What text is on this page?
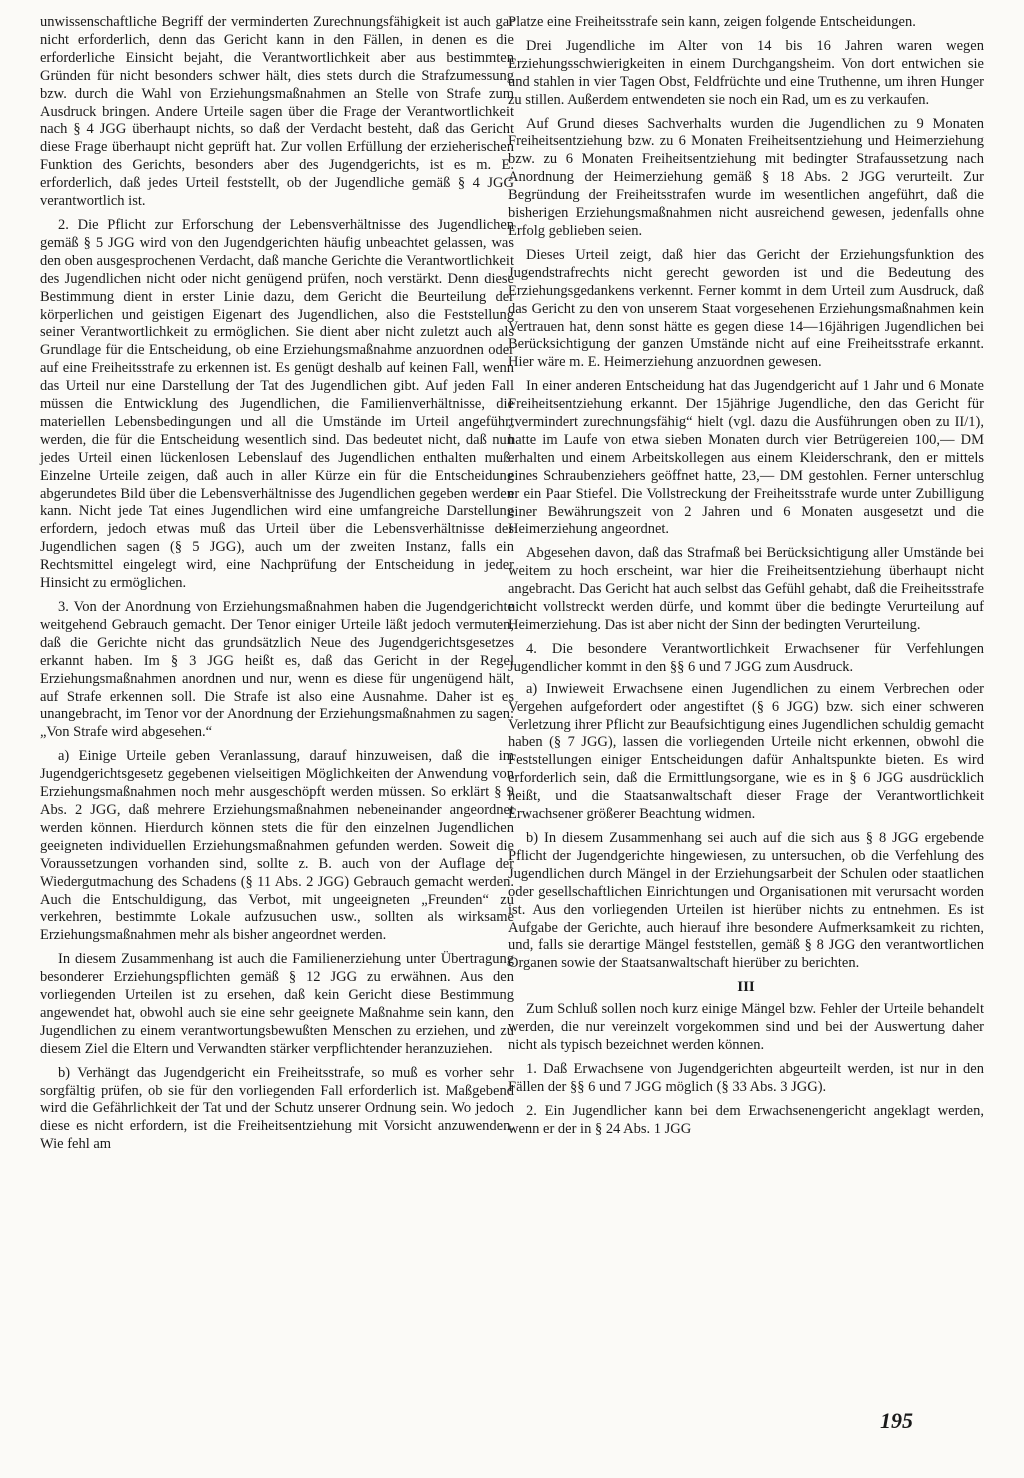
unwissenschaftliche Begriff der verminderten Zurechnungsfähigkeit ist auch gar nicht erforderlich, denn das Gericht kann in den Fällen, in denen es die erforderliche Einsicht bejaht, die Verantwortlichkeit aber aus bestimmten Gründen für nicht besonders schwer hält, dies stets durch die Strafzumessung bzw. durch die Wahl von Erziehungsmaßnahmen an Stelle von Strafe zum Ausdruck bringen. Andere Urteile sagen über die Frage der Verantwortlichkeit nach § 4 JGG überhaupt nichts, so daß der Verdacht besteht, daß das Gericht diese Frage überhaupt nicht geprüft hat. Zur vollen Erfüllung der erzieherischen Funktion des Gerichts, besonders aber des Jugendgerichts, ist es m. E. erforderlich, daß jedes Urteil feststellt, ob der Jugendliche gemäß § 4 JGG verantwortlich ist.

2. Die Pflicht zur Erforschung der Lebensverhältnisse des Jugendlichen gemäß § 5 JGG wird von den Jugendgerichten häufig unbeachtet gelassen, was den oben ausgesprochenen Verdacht, daß manche Gerichte die Verantwortlichkeit des Jugendlichen nicht oder nicht genügend prüfen, noch verstärkt. Denn diese Bestimmung dient in erster Linie dazu, dem Gericht die Beurteilung der körperlichen und geistigen Eigenart des Jugendlichen, also die Feststellung seiner Verantwortlichkeit zu ermöglichen. Sie dient aber nicht zuletzt auch als Grundlage für die Entscheidung, ob eine Erziehungsmaßnahme anzuordnen oder auf eine Freiheitsstrafe zu erkennen ist. Es genügt deshalb auf keinen Fall, wenn das Urteil nur eine Darstellung der Tat des Jugendlichen gibt. Auf jeden Fall müssen die Entwicklung des Jugendlichen, die Familienverhältnisse, die materiellen Lebensbedingungen und all die Umstände im Urteil angeführt werden, die für die Entscheidung wesentlich sind. Das bedeutet nicht, daß nun jedes Urteil einen lückenlosen Lebenslauf des Jugendlichen enthalten muß. Einzelne Urteile zeigen, daß auch in aller Kürze ein für die Entscheidung abgerundetes Bild über die Lebensverhältnisse des Jugendlichen gegeben werden kann. Nicht jede Tat eines Jugendlichen wird eine umfangreiche Darstellung erfordern, jedoch etwas muß das Urteil über die Lebensverhältnisse des Jugendlichen sagen (§ 5 JGG), auch um der zweiten Instanz, falls ein Rechtsmittel eingelegt wird, eine Nachprüfung der Entscheidung in jeder Hinsicht zu ermöglichen.

3. Von der Anordnung von Erziehungsmaßnahmen haben die Jugendgerichte weitgehend Gebrauch gemacht. Der Tenor einiger Urteile läßt jedoch vermuten, daß die Gerichte nicht das grundsätzlich Neue des Jugendgerichtsgesetzes erkannt haben. Im § 3 JGG heißt es, daß das Gericht in der Regel Erziehungsmaßnahmen anordnen und nur, wenn es diese für ungenügend hält, auf Strafe erkennen soll. Die Strafe ist also eine Ausnahme. Daher ist es unangebracht, im Tenor vor der Anordnung der Erziehungsmaßnahmen zu sagen: „Von Strafe wird abgesehen.“

a) Einige Urteile geben Veranlassung, darauf hinzuweisen, daß die im Jugendgerichtsgesetz gegebenen vielseitigen Möglichkeiten der Anwendung von Erziehungsmaßnahmen noch mehr ausgeschöpft werden müssen. So erklärt § 9 Abs. 2 JGG, daß mehrere Erziehungsmaßnahmen nebeneinander angeordnet werden können. Hierdurch können stets die für den einzelnen Jugendlichen geeigneten individuellen Erziehungsmaßnahmen gefunden werden. Soweit die Voraussetzungen vorhanden sind, sollte z. B. auch von der Auflage der Wiedergutmachung des Schadens (§ 11 Abs. 2 JGG) Gebrauch gemacht werden. Auch die Entschuldigung, das Verbot, mit ungeeigneten „Freunden“ zu verkehren, bestimmte Lokale aufzusuchen usw., sollten als wirksame Erziehungsmaßnahmen mehr als bisher angeordnet werden.

In diesem Zusammenhang ist auch die Familienerziehung unter Übertragung besonderer Erziehungspflichten gemäß § 12 JGG zu erwähnen. Aus den vorliegenden Urteilen ist zu ersehen, daß kein Gericht diese Bestimmung angewendet hat, obwohl auch sie eine sehr geeignete Maßnahme sein kann, den Jugendlichen zu einem verantwortungsbewußten Menschen zu erziehen, und zu diesem Ziel die Eltern und Verwandten stärker verpflichtender heranzuziehen.

b) Verhängt das Jugendgericht ein Freiheitsstrafe, so muß es vorher sehr sorgfältig prüfen, ob sie für den vorliegenden Fall erforderlich ist. Maßgebend wird die Gefährlichkeit der Tat und der Schutz unserer Ordnung sein. Wo jedoch diese es nicht erfordern, ist die Freiheitsentziehung mit Vorsicht anzuwenden. Wie fehl am

Platze eine Freiheitsstrafe sein kann, zeigen folgende Entscheidungen.

Drei Jugendliche im Alter von 14 bis 16 Jahren waren wegen Erziehungsschwierigkeiten in einem Durchgangsheim. Von dort entwichen sie und stahlen in vier Tagen Obst, Feldfrüchte und eine Truthenne, um ihren Hunger zu stillen. Außerdem entwendeten sie noch ein Rad, um es zu verkaufen.

Auf Grund dieses Sachverhalts wurden die Jugendlichen zu 9 Monaten Freiheitsentziehung bzw. zu 6 Monaten Freiheitsentziehung und Heimerziehung bzw. zu 6 Monaten Freiheitsentziehung mit bedingter Strafaussetzung nach Anordnung der Heimerziehung gemäß § 18 Abs. 2 JGG verurteilt. Zur Begründung der Freiheitsstrafen wurde im wesentlichen angeführt, daß die bisherigen Erziehungsmaßnahmen nicht ausreichend gewesen, jedenfalls ohne Erfolg geblieben seien.

Dieses Urteil zeigt, daß hier das Gericht der Erziehungsfunktion des Jugendstrafrechts nicht gerecht geworden ist und die Bedeutung des Erziehungsgedankens verkennt. Ferner kommt in dem Urteil zum Ausdruck, daß das Gericht zu den von unserem Staat vorgesehenen Erziehungsmaßnahmen kein Vertrauen hat, denn sonst hätte es gegen diese 14—16jährigen Jugendlichen bei Berücksichtigung der ganzen Umstände nicht auf eine Freiheitsstrafe erkannt. Hier wäre m. E. Heimerziehung anzuordnen gewesen.

In einer anderen Entscheidung hat das Jugendgericht auf 1 Jahr und 6 Monate Freiheitsentziehung erkannt. Der 15jährige Jugendliche, den das Gericht für „vermindert zurechnungsfähig“ hielt (vgl. dazu die Ausführungen oben zu II/1), hatte im Laufe von etwa sieben Monaten durch vier Betrügereien 100,— DM erhalten und einem Arbeitskollegen aus einem Kleiderschrank, den er mittels eines Schraubenziehers geöffnet hatte, 23,— DM gestohlen. Ferner unterschlug er ein Paar Stiefel. Die Vollstreckung der Freiheitsstrafe wurde unter Zubilligung einer Bewährungszeit von 2 Jahren und 6 Monaten ausgesetzt und die Heimerziehung angeordnet.

Abgesehen davon, daß das Strafmaß bei Berücksichtigung aller Umstände bei weitem zu hoch erscheint, war hier die Freiheitsentziehung überhaupt nicht angebracht. Das Gericht hat auch selbst das Gefühl gehabt, daß die Freiheitsstrafe nicht vollstreckt werden dürfe, und kommt über die bedingte Verurteilung auf Heimerziehung. Das ist aber nicht der Sinn der bedingten Verurteilung.

4. Die besondere Verantwortlichkeit Erwachsener für Verfehlungen Jugendlicher kommt in den §§ 6 und 7 JGG zum Ausdruck.

a) Inwieweit Erwachsene einen Jugendlichen zu einem Verbrechen oder Vergehen aufgefordert oder angestiftet (§ 6 JGG) bzw. sich einer schweren Verletzung ihrer Pflicht zur Beaufsichtigung eines Jugendlichen schuldig gemacht haben (§ 7 JGG), lassen die vorliegenden Urteile nicht erkennen, obwohl die Feststellungen einiger Entscheidungen dafür Anhaltspunkte bieten. Es wird erforderlich sein, daß die Ermittlungsorgane, wie es in § 6 JGG ausdrücklich heißt, und die Staatsanwaltschaft dieser Frage der Verantwortlichkeit Erwachsener größerer Beachtung widmen.

b) In diesem Zusammenhang sei auch auf die sich aus § 8 JGG ergebende Pflicht der Jugendgerichte hingewiesen, zu untersuchen, ob die Verfehlung des Jugendlichen durch Mängel in der Erziehungsarbeit der Schulen oder staatlichen oder gesellschaftlichen Einrichtungen und Organisationen mit verursacht worden ist. Aus den vorliegenden Urteilen ist hierüber nichts zu entnehmen. Es ist Aufgabe der Gerichte, auch hierauf ihre besondere Aufmerksamkeit zu richten, und, falls sie derartige Mängel feststellen, gemäß § 8 JGG den verantwortlichen Organen sowie der Staatsanwaltschaft hierüber zu berichten.

III

Zum Schluß sollen noch kurz einige Mängel bzw. Fehler der Urteile behandelt werden, die nur vereinzelt vorgekommen sind und bei der Auswertung daher nicht als typisch bezeichnet werden können.

1. Daß Erwachsene von Jugendgerichten abgeurteilt werden, ist nur in den Fällen der §§ 6 und 7 JGG möglich (§ 33 Abs. 3 JGG).

2. Ein Jugendlicher kann bei dem Erwachsenengericht angeklagt werden, wenn er der in § 24 Abs. 1 JGG

195
